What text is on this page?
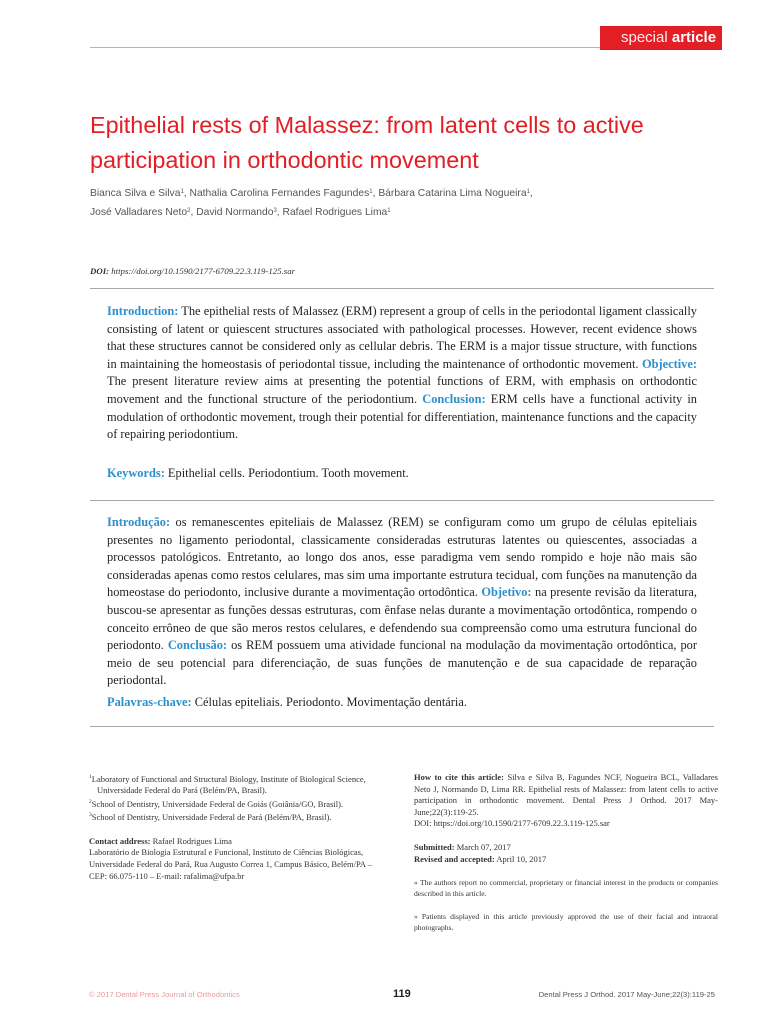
special article
Epithelial rests of Malassez: from latent cells to active participation in orthodontic movement
Bianca Silva e Silva$^1$, Nathalia Carolina Fernandes Fagundes$^1$, Bárbara Catarina Lima Nogueira$^1$,
José Valladares Neto$^2$, David Normando$^3$, Rafael Rodrigues Lima$^1$
DOI: https://doi.org/10.1590/2177-6709.22.3.119-125.sar

Introduction: The epithelial rests of Malassez (ERM) represent a group of cells in the periodontal ligament classically consisting of latent or quiescent structures associated with pathological processes. However, recent evidence shows that these structures cannot be considered only as cellular debris. The ERM is a major tissue structure, with functions in maintaining the homeostasis of periodontal tissue, including the maintenance of orthodontic movement. Objective: The present literature review aims at presenting the potential functions of ERM, with emphasis on orthodontic movement and the functional structure of the periodontium. Conclusion: ERM cells have a functional activity in modulation of orthodontic movement, trough their potential for differentiation, maintenance functions and the capacity of repairing periodontium.

Keywords: Epithelial cells. Periodontium. Tooth movement.

Introdução: os remanescentes epiteliais de Malassez (REM) se configuram como um grupo de células epiteliais presentes no ligamento periodontal, classicamente consideradas estruturas latentes ou quiescentes, associadas a processos patológicos. Entretanto, ao longo dos anos, esse paradigma vem sendo rompido e hoje não mais são consideradas apenas como restos celulares, mas sim uma importante estrutura tecidual, com funções na manutenção da homeostase do periodonto, inclusive durante a movimentação ortodôntica. Objetivo: na presente revisão da literatura, buscou-se apresentar as funções dessas estruturas, com ênfase nelas durante a movimentação ortodôntica, rompendo o conceito errôneo de que são meros restos celulares, e defendendo sua compreensão como uma estrutura funcional do periodonto. Conclusão: os REM possuem uma atividade funcional na modulação da movimentação ortodôntica, por meio de seu potencial para diferenciação, de suas funções de manutenção e de sua capacidade de reparação periodontal.

Palavras-chave: Células epiteliais. Periodonto. Movimentação dentária.
$^1$Laboratory of Functional and Structural Biology, Institute of Biological Science, Universidade Federal do Pará (Belém/PA, Brasil).
$^2$School of Dentistry, Universidade Federal de Goiás (Goiânia/GO, Brasil).
$^3$School of Dentistry, Universidade Federal de Pará (Belém/PA, Brasil).
Contact address: Rafael Rodrigues Lima
Laboratório de Biologia Estrutural e Funcional, Instituto de Ciências Biológicas, Universidade Federal do Pará, Rua Augusto Correa 1, Campus Básico, Belém/PA – CEP: 66.075-110 – E-mail: rafalima@ufpa.br

How to cite this article: Silva e Silva B, Fagundes NCF, Nogueira BCL, Valladares Neto J, Normando D, Lima RR. Epithelial rests of Malassez: from latent cells to active participation in orthodontic movement. Dental Press J Orthod. 2017 May-June;22(3):119-25.

DOI: https://doi.org/10.1590/2177-6709.22.3.119-125.sar

Submitted: March 07, 2017

Revised and accepted: April 10, 2017

» The authors report no commercial, proprietary or financial interest in the products or companies described in this article.

» Patients displayed in this article previously approved the use of their facial and intraoral photographs.

© 2017 Dental Press Journal of Orthodontics	119	Dental Press J Orthod. 2017 May-June;22(3):119-25
